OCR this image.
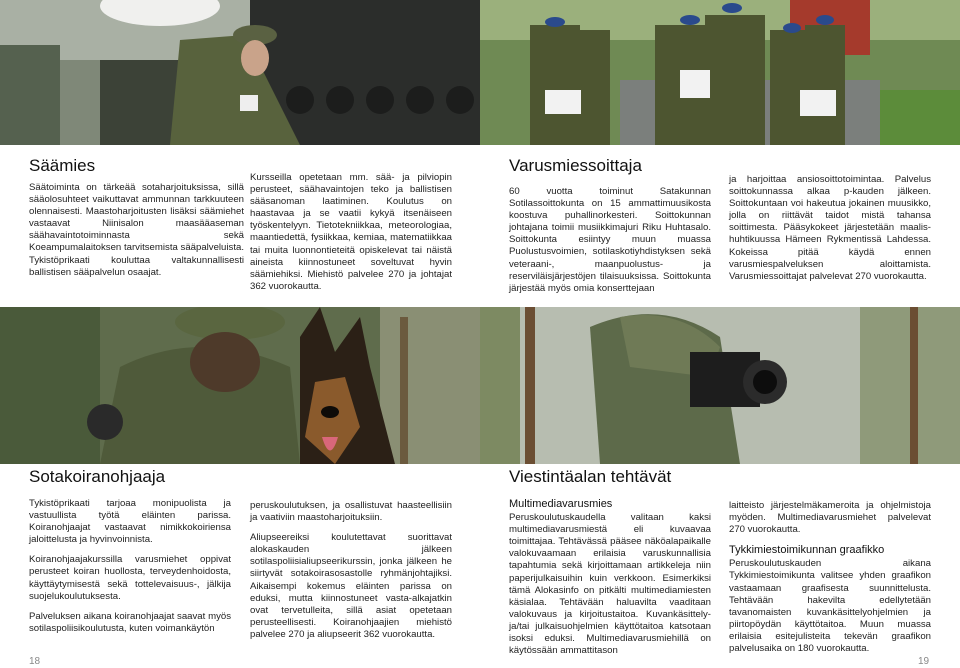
Säämies

Säätoiminta on tärkeää sotaharjoituksissa, sillä sääolosuhteet vaikuttavat ammunnan tarkkuuteen olennaisesti. Maastoharjoitusten lisäksi säämiehet vastaavat Niinisalon maasääaseman säähavaintotoiminnasta sekä Koeampumalaitoksen tarvitsemista sääpalveluista. Tykistöprikaati kouluttaa valtakunnallisesti ballistisen sääpalvelun osaajat.

Kursseilla opetetaan mm. sää- ja pilviopin perusteet, säähavaintojen teko ja ballistisen sääsanoman laatiminen. Koulutus on haastavaa ja se vaatii kykyä itsenäiseen työskentelyyn. Tietotekniikkaa, meteorologiaa, maantiedettä, fysiikkaa, kemiaa, matematiikkaa tai muita luonnontieteitä opiskelevat tai näistä aineista kiinnostuneet soveltuvat hyvin säämiehiksi. Miehistö palvelee 270 ja johtajat 362 vuorokautta.

Varusmiessoittaja

60 vuotta toiminut Satakunnan Sotilassoittokunta on 15 ammattimuusikosta koostuva puhallinorkesteri. Soittokunnan johtajana toimii musiikkimajuri Riku Huhtasalo. Soittokunta esiintyy muun muassa Puolustusvoimien, sotilaskotiyhdistyksen sekä veteraani-, maanpuolustus- ja reserviläisjärjestöjen tilaisuuksissa. Soittokunta järjestää myös omia konserttejaan

ja harjoittaa ansiosoittotoimintaa. Palvelus soittokunnassa alkaa p-kauden jälkeen. Soittokuntaan voi hakeutua jokainen muusikko, jolla on riittävät taidot mistä tahansa soittimesta. Pääsykokeet järjestetään maalis-huhtikuussa Hämeen Rykmentissä Lahdessa. Kokeissa pitää käydä ennen varusmiespalveluksen aloittamista. Varusmiessoittajat palvelevat 270 vuorokautta.

Sotakoiranohjaaja

Tykistöprikaati tarjoaa monipuolista ja vastuullista työtä eläinten parissa. Koiranohjaajat vastaavat nimikkokoiriensa jaloittelusta ja hyvinvoinnista.

Koiranohjaajakurssilla varusmiehet oppivat perusteet koiran huollosta, terveydenhoidosta, käyttäytymisestä sekä tottelevaisuus-, jälkija suojelukoulutuksesta.

Palveluksen aikana koiranohjaajat saavat myös sotilaspoliisikoulutusta, kuten voimankäytön

peruskoulutuksen, ja osallistuvat haasteellisiin ja vaativiin maastoharjoituksiin.

Aliupseereiksi koulutettavat suorittavat alokaskauden jälkeen sotilaspoliisialiupseerikurssin, jonka jälkeen he siirtyvät sotakoirasosastolle ryhmänjohtajiksi. Aikaisempi kokemus eläinten parissa on eduksi, mutta kiinnostuneet vasta-alkajatkin ovat tervetulleita, sillä asiat opetetaan perusteellisesti. Koiranohjaajien miehistö palvelee 270 ja aliupseerit 362 vuorokautta.

Viestintäalan tehtävät
Multimediavarusmies

Peruskoulutuskaudella valitaan kaksi multimediavarusmiestä eli kuvaavaa toimittajaa. Tehtävässä pääsee näköalapaikalle valokuvaamaan erilaisia varuskunnallisia tapahtumia sekä kirjoittamaan artikkeleja niin paperijulkaisuihin kuin verkkoon. Esimerkiksi tämä Alokasinfo on pitkälti multimediamiesten käsialaa. Tehtävään haluavilta vaaditaan valokuvaus ja kirjoitustaitoa. Kuvankäsittely- ja/tai julkaisuohjelmien käyttötaitoa katsotaan isoksi eduksi. Multimediavarusmiehillä on käytössään ammattitason

laitteisto järjestelmäkameroita ja ohjelmistoja myöden. Multimediavarusmiehet palvelevat 270 vuorokautta.

Tykkimiestoimikunnan graafikko

Peruskoulutuskauden aikana Tykkimiestoimikunta valitsee yhden graafikon vastaamaan graafisesta suunnittelusta. Tehtävään hakevilta edellytetään tavanomaisten kuvankäsittelyohjelmien ja piirtopöydän käyttötaitoa. Muun muassa erilaisia esitejulisteita tekevän graafikon palvelusaika on 180 vuorokautta.

18	19
